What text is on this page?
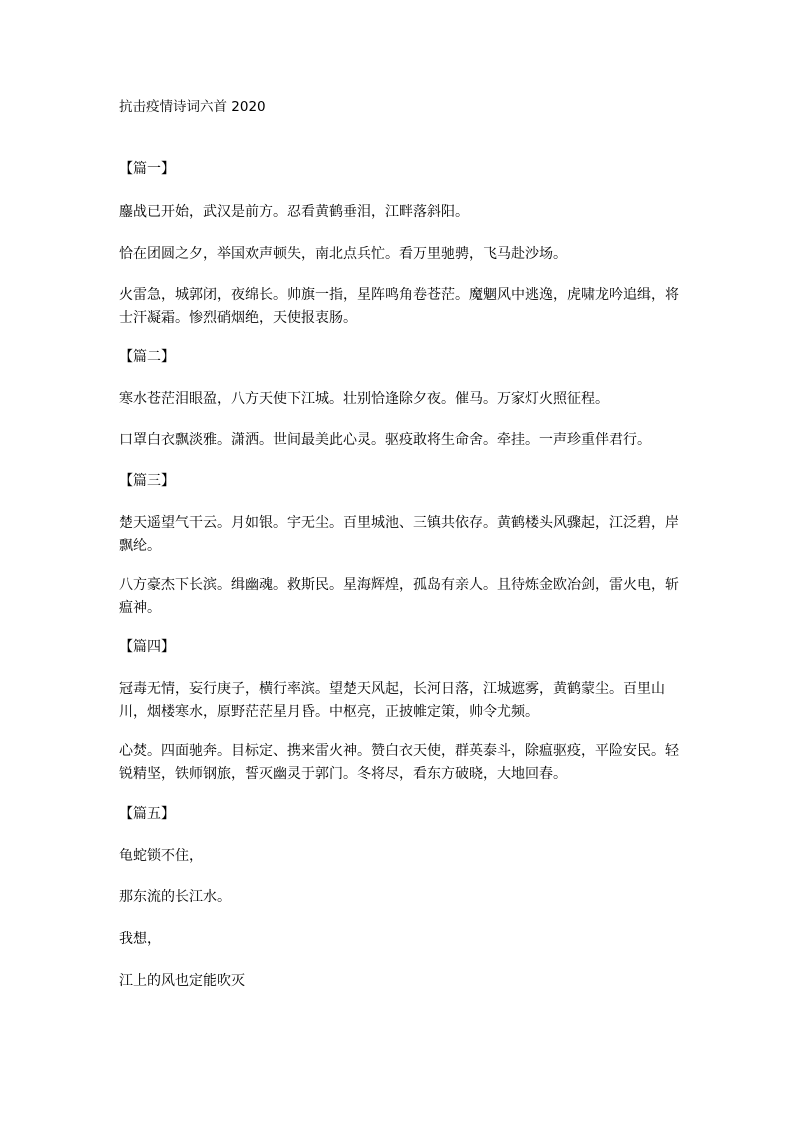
抗击疫情诗词六首 2020
【篇一】
鏖战已开始，武汉是前方。忍看黄鹤垂泪，江畔落斜阳。
恰在团圆之夕，举国欢声顿失，南北点兵忙。看万里驰骋，飞马赴沙场。
火雷急，城郭闭，夜绵长。帅旗一指，星阵鸣角卷苍茫。魔魍风中逃逸，虎啸龙吟追缉，将士汗凝霜。惨烈硝烟绝，天使报衷肠。
【篇二】
寒水苍茫泪眼盈，八方天使下江城。壮别恰逢除夕夜。催马。万家灯火照征程。
口罩白衣飘淡雅。潇洒。世间最美此心灵。驱疫敢将生命舍。牵挂。一声珍重伴君行。
【篇三】
楚天遥望气干云。月如银。宇无尘。百里城池、三镇共依存。黄鹤楼头风骤起，江泛碧，岸飘纶。
八方豪杰下长滨。缉幽魂。救斯民。星海辉煌，孤岛有亲人。且待炼金欧冶剑，雷火电，斩瘟神。
【篇四】
冠毒无情，妄行庚子，横行率滨。望楚天风起，长河日落，江城遮雾，黄鹤蒙尘。百里山川，烟楼寒水，原野茫茫星月昏。中枢亮，正披帷定策，帅令尤频。
心焚。四面驰奔。目标定、携来雷火神。赞白衣天使，群英泰斗，除瘟驱疫，平险安民。轻锐精坚，铁师钢旅，誓灭幽灵于郭门。冬将尽，看东方破晓，大地回春。
【篇五】
龟蛇锁不住，
那东流的长江水。
我想，
江上的风也定能吹灭
